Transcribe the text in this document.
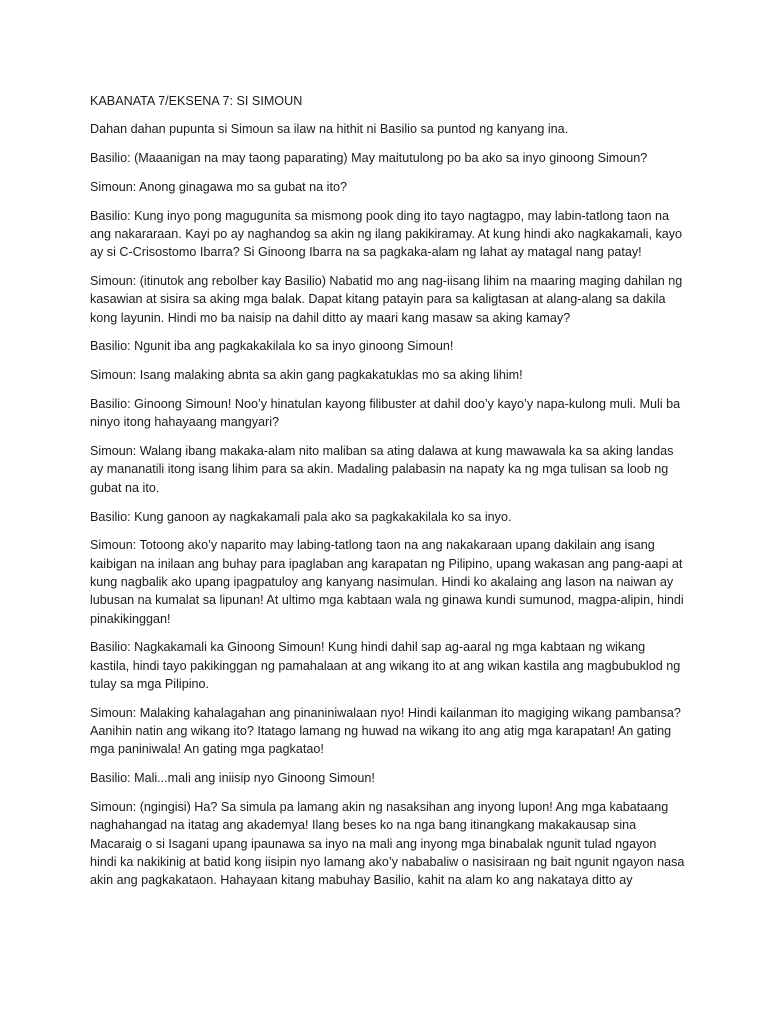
KABANATA 7/EKSENA 7: SI SIMOUN

Dahan dahan pupunta si Simoun sa ilaw na hithit ni Basilio sa puntod ng kanyang ina.

Basilio: (Maaanigan na may taong paparating) May maitutulong po ba ako sa inyo ginoong Simoun?

Simoun: Anong ginagawa mo sa gubat na ito?

Basilio: Kung inyo pong magugunita sa mismong pook ding ito tayo nagtagpo, may labin-tatlong taon na ang nakararaan. Kayi po ay naghandog sa akin ng ilang pakikiramay. At kung hindi ako nagkakamali, kayo ay si C-Crisostomo Ibarra? Si Ginoong Ibarra na sa pagkaka-alam ng lahat ay matagal nang patay!

Simoun: (itinutok ang rebolber kay Basilio) Nabatid mo ang nag-iisang lihim na maaring maging dahilan ng kasawian at sisira sa aking mga balak. Dapat kitang patayin para sa kaligtasan at alang-alang sa dakila kong layunin. Hindi mo ba naisip na dahil ditto ay maari kang masaw sa aking kamay?

Basilio: Ngunit iba ang pagkakakilala ko sa inyo ginoong Simoun!

Simoun: Isang malaking abnta sa akin gang pagkakatuklas mo sa aking lihim!

Basilio: Ginoong Simoun! Noo’y hinatulan kayong filibuster at dahil doo’y kayo’y napa-kulong muli. Muli ba ninyo itong hahayaang mangyari?

Simoun: Walang ibang makaka-alam nito maliban sa ating dalawa at kung mawawala ka sa aking landas ay mananatili itong isang lihim para sa akin. Madaling palabasin na napaty ka ng mga tulisan sa loob ng gubat na ito.

Basilio: Kung ganoon ay nagkakamali pala ako sa pagkakakilala ko sa inyo.

Simoun: Totoong ako’y naparito may labing-tatlong taon na ang nakakaraan upang dakilain ang isang kaibigan na inilaan ang buhay para ipaglaban ang karapatan ng Pilipino, upang wakasan ang pang-aapi at kung nagbalik ako upang ipagpatuloy ang kanyang nasimulan. Hindi ko akalaing ang lason na naiwan ay lubusan na kumalat sa lipunan! At ultimo mga kabtaan wala ng ginawa kundi sumunod, magpa-alipin, hindi pinakikinggan!

Basilio: Nagkakamali ka Ginoong Simoun! Kung hindi dahil sap ag-aaral ng mga kabtaan ng wikang kastila, hindi tayo pakikinggan ng pamahalaan at ang wikang ito at ang wikan kastila ang magbubuklod ng tulay sa mga Pilipino.

Simoun: Malaking kahalagahan ang pinaniniwalaan nyo! Hindi kailanman ito magiging wikang pambansa? Aanihin natin ang wikang ito? Itatago lamang ng huwad na wikang ito ang atig mga karapatan! An gating mga paniniwala! An gating mga pagkatao!

Basilio: Mali...mali ang iniisip nyo Ginoong Simoun!

Simoun: (ngingisi) Ha? Sa simula pa lamang akin ng nasaksihan ang inyong lupon! Ang mga kabataang naghahangad na itatag ang akademya! Ilang beses ko na nga bang itinangkang makakausap sina Macaraig o si Isagani upang ipaunawa sa inyo na mali ang inyong mga binabalak ngunit tulad ngayon hindi ka nakikinig at batid kong iisipin nyo lamang ako’y nababaliw o nasisiraan ng bait ngunit ngayon nasa akin ang pagkakataon. Hahayaan kitang mabuhay Basilio, kahit na alam ko ang nakataya ditto ay
